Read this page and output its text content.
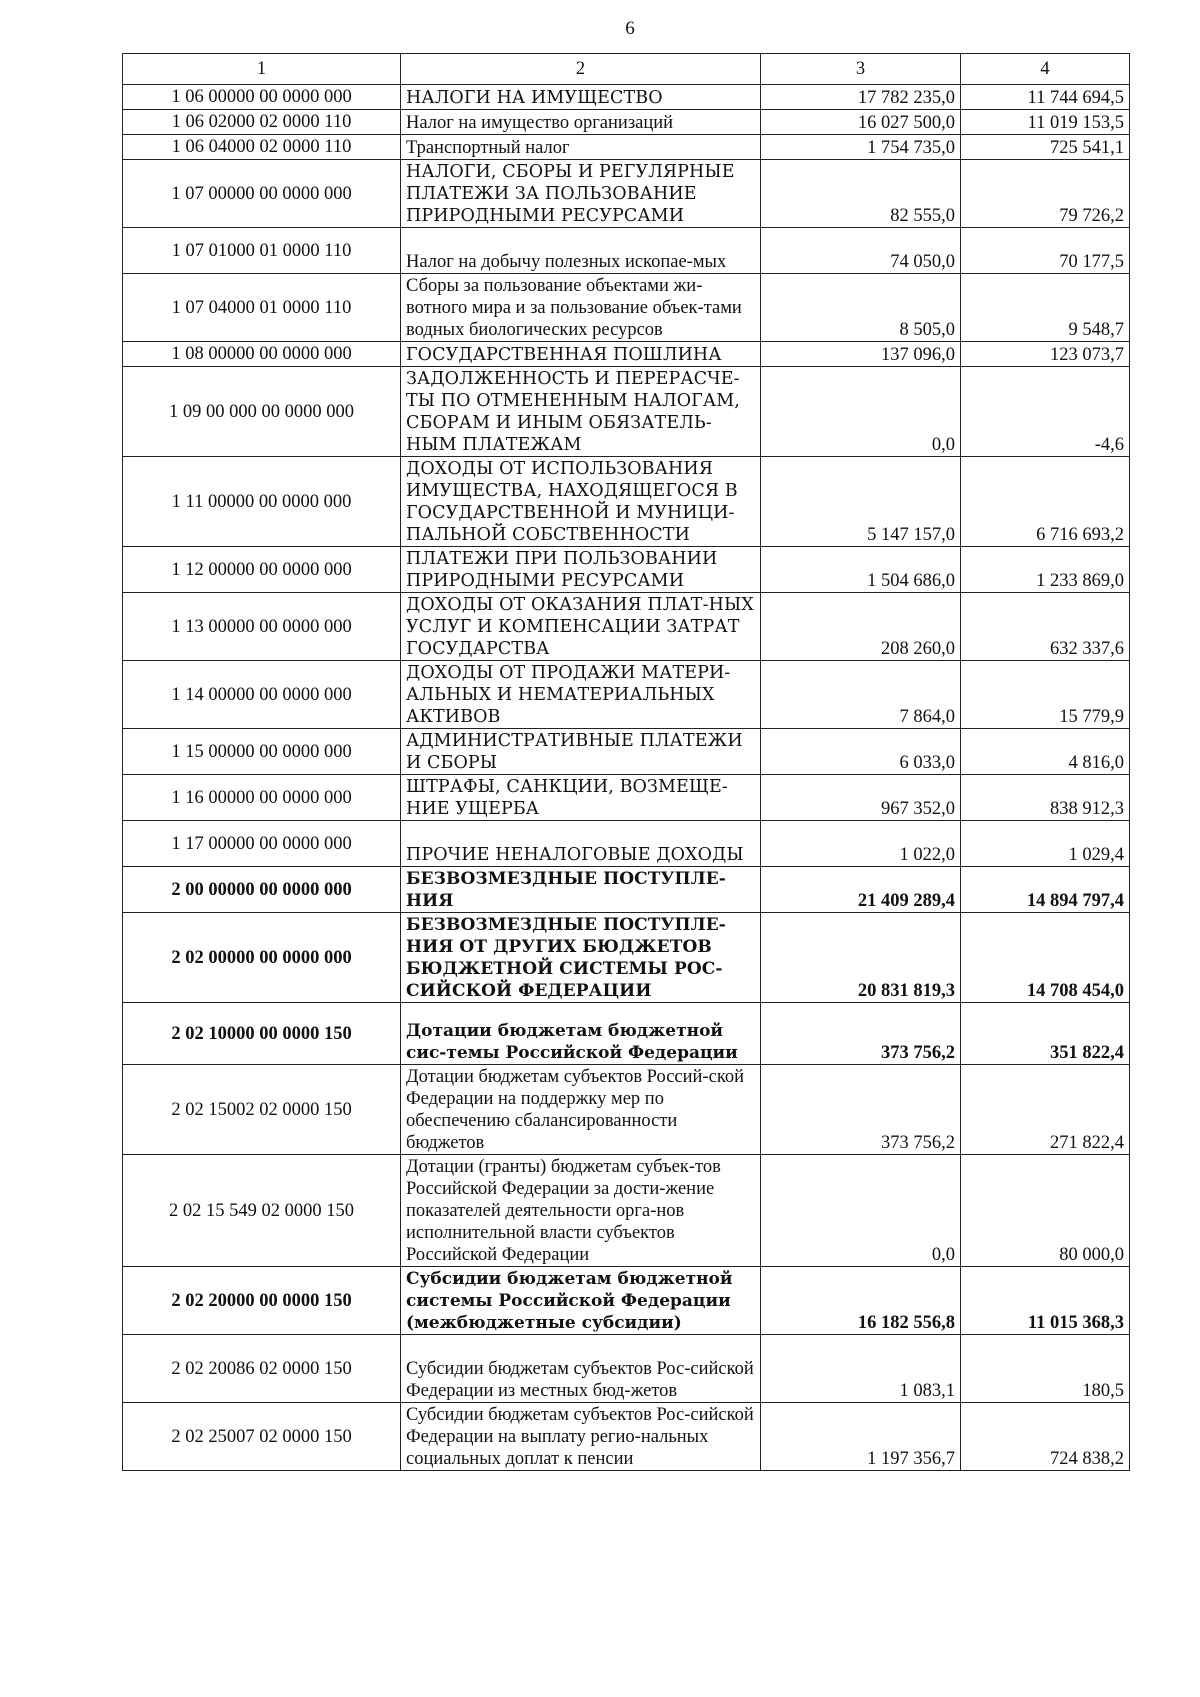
6
1	2	3	4
1 06 00000 00 0000 000	НАЛОГИ НА ИМУЩЕСТВО	17 782 235,0	11 744 694,5
1 06 02000 02 0000 110	Налог на имущество организаций	16 027 500,0	11 019 153,5
1 06 04000 02 0000 110	Транспортный налог	1 754 735,0	725 541,1
1 07 00000 00 0000 000	НАЛОГИ, СБОРЫ И РЕГУЛЯРНЫЕ ПЛАТЕЖИ ЗА ПОЛЬЗОВАНИЕ ПРИРОДНЫМИ РЕСУРСАМИ	82 555,0	79 726,2
1 07 01000 01 0000 110	Налог на добычу полезных ископае-мых	74 050,0	70 177,5
1 07 04000 01 0000 110	Сборы за пользование объектами жи-вотного мира и за пользование объек-тами водных биологических ресурсов	8 505,0	9 548,7
1 08 00000 00 0000 000	ГОСУДАРСТВЕННАЯ ПОШЛИНА	137 096,0	123 073,7
1 09 00 000 00 0000 000	ЗАДОЛЖЕННОСТЬ И ПЕРЕРАСЧЕ-ТЫ ПО ОТМЕНЕННЫМ НАЛОГАМ, СБОРАМ И ИНЫМ ОБЯЗАТЕЛЬ-НЫМ ПЛАТЕЖАМ	0,0	-4,6
1 11 00000 00 0000 000	ДОХОДЫ ОТ ИСПОЛЬЗОВАНИЯ ИМУЩЕСТВА, НАХОДЯЩЕГОСЯ В ГОСУДАРСТВЕННОЙ И МУНИЦИ-ПАЛЬНОЙ СОБСТВЕННОСТИ	5 147 157,0	6 716 693,2
1 12 00000 00 0000 000	ПЛАТЕЖИ ПРИ ПОЛЬЗОВАНИИ ПРИРОДНЫМИ РЕСУРСАМИ	1 504 686,0	1 233 869,0
1 13 00000 00 0000 000	ДОХОДЫ ОТ ОКАЗАНИЯ ПЛАТ-НЫХ УСЛУГ И КОМПЕНСАЦИИ ЗАТРАТ ГОСУДАРСТВА	208 260,0	632 337,6
1 14 00000 00 0000 000	ДОХОДЫ ОТ ПРОДАЖИ МАТЕРИ-АЛЬНЫХ И НЕМАТЕРИАЛЬНЫХ АКТИВОВ	7 864,0	15 779,9
1 15 00000 00 0000 000	АДМИНИСТРАТИВНЫЕ ПЛАТЕЖИ И СБОРЫ	6 033,0	4 816,0
1 16 00000 00 0000 000	ШТРАФЫ, САНКЦИИ, ВОЗМЕЩЕ-НИЕ УЩЕРБА	967 352,0	838 912,3
1 17 00000 00 0000 000	ПРОЧИЕ НЕНАЛОГОВЫЕ ДОХОДЫ	1 022,0	1 029,4
2 00 00000 00 0000 000	БЕЗВОЗМЕЗДНЫЕ ПОСТУПЛЕ-НИЯ	21 409 289,4	14 894 797,4
2 02 00000 00 0000 000	БЕЗВОЗМЕЗДНЫЕ ПОСТУПЛЕ-НИЯ ОТ ДРУГИХ БЮДЖЕТОВ БЮДЖЕТНОЙ СИСТЕМЫ РОС-СИЙСКОЙ ФЕДЕРАЦИИ	20 831 819,3	14 708 454,0
2 02 10000 00 0000 150	Дотации бюджетам бюджетной сис-темы Российской Федерации	373 756,2	351 822,4
2 02 15002 02 0000 150	Дотации бюджетам субъектов Россий-ской Федерации на поддержку мер по обеспечению сбалансированности бюджетов	373 756,2	271 822,4
2 02 15 549 02 0000 150	Дотации (гранты) бюджетам субъек-тов Российской Федерации за дости-жение показателей деятельности орга-нов исполнительной власти субъектов Российской Федерации	0,0	80 000,0
2 02 20000 00 0000 150	Субсидии бюджетам бюджетной системы Российской Федерации (межбюджетные субсидии)	16 182 556,8	11 015 368,3
2 02 20086 02 0000 150	Субсидии бюджетам субъектов Рос-сийской Федерации из местных бюд-жетов	1 083,1	180,5
2 02 25007 02 0000 150	Субсидии бюджетам субъектов Рос-сийской Федерации на выплату регио-нальных социальных доплат к пенсии	1 197 356,7	724 838,2
